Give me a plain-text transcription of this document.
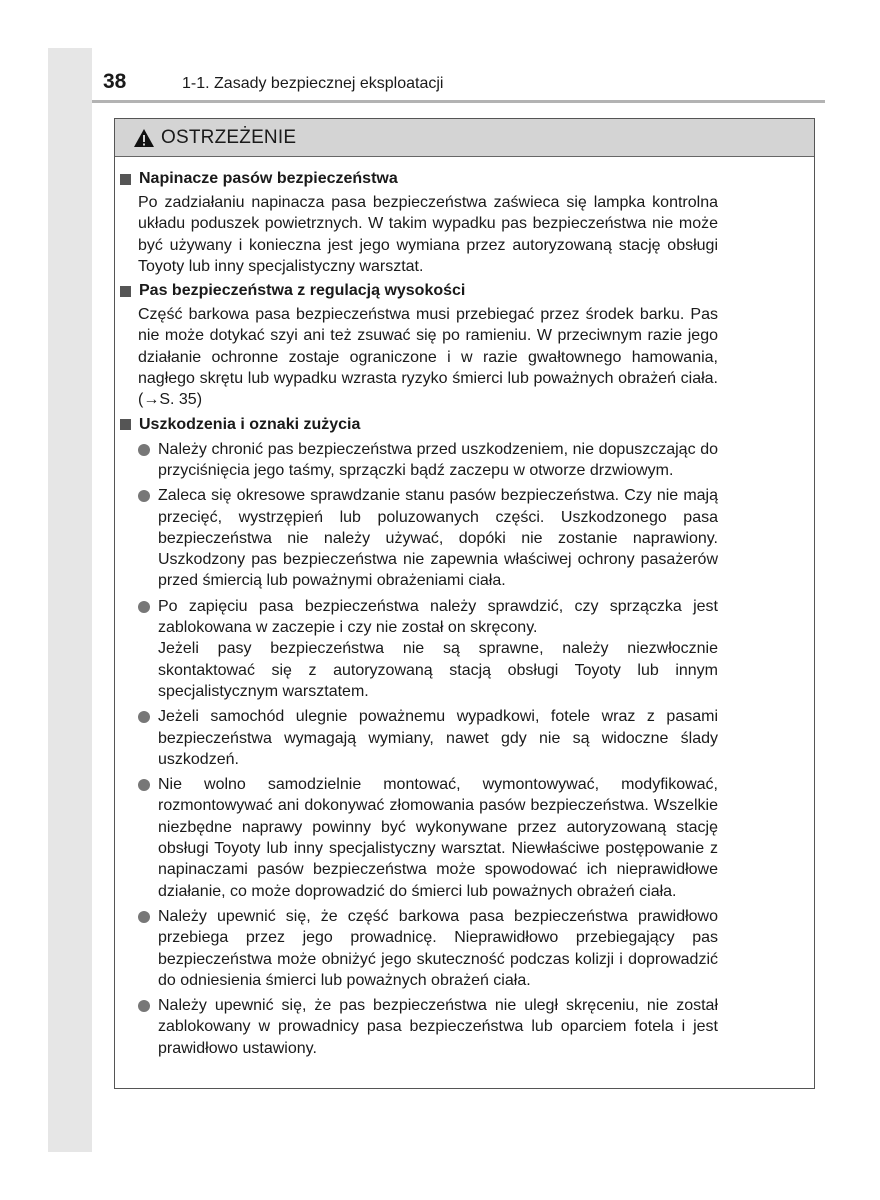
38	1-1. Zasady bezpiecznej eksploatacji
OSTRZEŻENIE
Napinacze pasów bezpieczeństwa
Po zadziałaniu napinacza pasa bezpieczeństwa zaświeca się lampka kontrolna układu poduszek powietrznych. W takim wypadku pas bezpieczeństwa nie może być używany i konieczna jest jego wymiana przez autoryzowaną stację obsługi Toyoty lub inny specjalistyczny warsztat.
Pas bezpieczeństwa z regulacją wysokości
Część barkowa pasa bezpieczeństwa musi przebiegać przez środek barku. Pas nie może dotykać szyi ani też zsuwać się po ramieniu. W przeciwnym razie jego działanie ochronne zostaje ograniczone i w razie gwałtownego hamowania, nagłego skrętu lub wypadku wzrasta ryzyko śmierci lub poważnych obrażeń ciała. (→S. 35)
Uszkodzenia i oznaki zużycia
Należy chronić pas bezpieczeństwa przed uszkodzeniem, nie dopuszczając do przyciśnięcia jego taśmy, sprzączki bądź zaczepu w otworze drzwiowym.
Zaleca się okresowe sprawdzanie stanu pasów bezpieczeństwa. Czy nie mają przecięć, wystrzępień lub poluzowanych części. Uszkodzonego pasa bezpieczeństwa nie należy używać, dopóki nie zostanie naprawiony. Uszkodzony pas bezpieczeństwa nie zapewnia właściwej ochrony pasażerów przed śmiercią lub poważnymi obrażeniami ciała.
Po zapięciu pasa bezpieczeństwa należy sprawdzić, czy sprzączka jest zablokowana w zaczepie i czy nie został on skręcony.
Jeżeli pasy bezpieczeństwa nie są sprawne, należy niezwłocznie skontaktować się z autoryzowaną stacją obsługi Toyoty lub innym specjalistycznym warsztatem.
Jeżeli samochód ulegnie poważnemu wypadkowi, fotele wraz z pasami bezpieczeństwa wymagają wymiany, nawet gdy nie są widoczne ślady uszkodzeń.
Nie wolno samodzielnie montować, wymontowywać, modyfikować, rozmontowywać ani dokonywać złomowania pasów bezpieczeństwa. Wszelkie niezbędne naprawy powinny być wykonywane przez autoryzowaną stację obsługi Toyoty lub inny specjalistyczny warsztat. Niewłaściwe postępowanie z napinaczami pasów bezpieczeństwa może spowodować ich nieprawidłowe działanie, co może doprowadzić do śmierci lub poważnych obrażeń ciała.
Należy upewnić się, że część barkowa pasa bezpieczeństwa prawidłowo przebiega przez jego prowadnicę. Nieprawidłowo przebiegający pas bezpieczeństwa może obniżyć jego skuteczność podczas kolizji i doprowadzić do odniesienia śmierci lub poważnych obrażeń ciała.
Należy upewnić się, że pas bezpieczeństwa nie uległ skręceniu, nie został zablokowany w prowadnicy pasa bezpieczeństwa lub oparciem fotela i jest prawidłowo ustawiony.
